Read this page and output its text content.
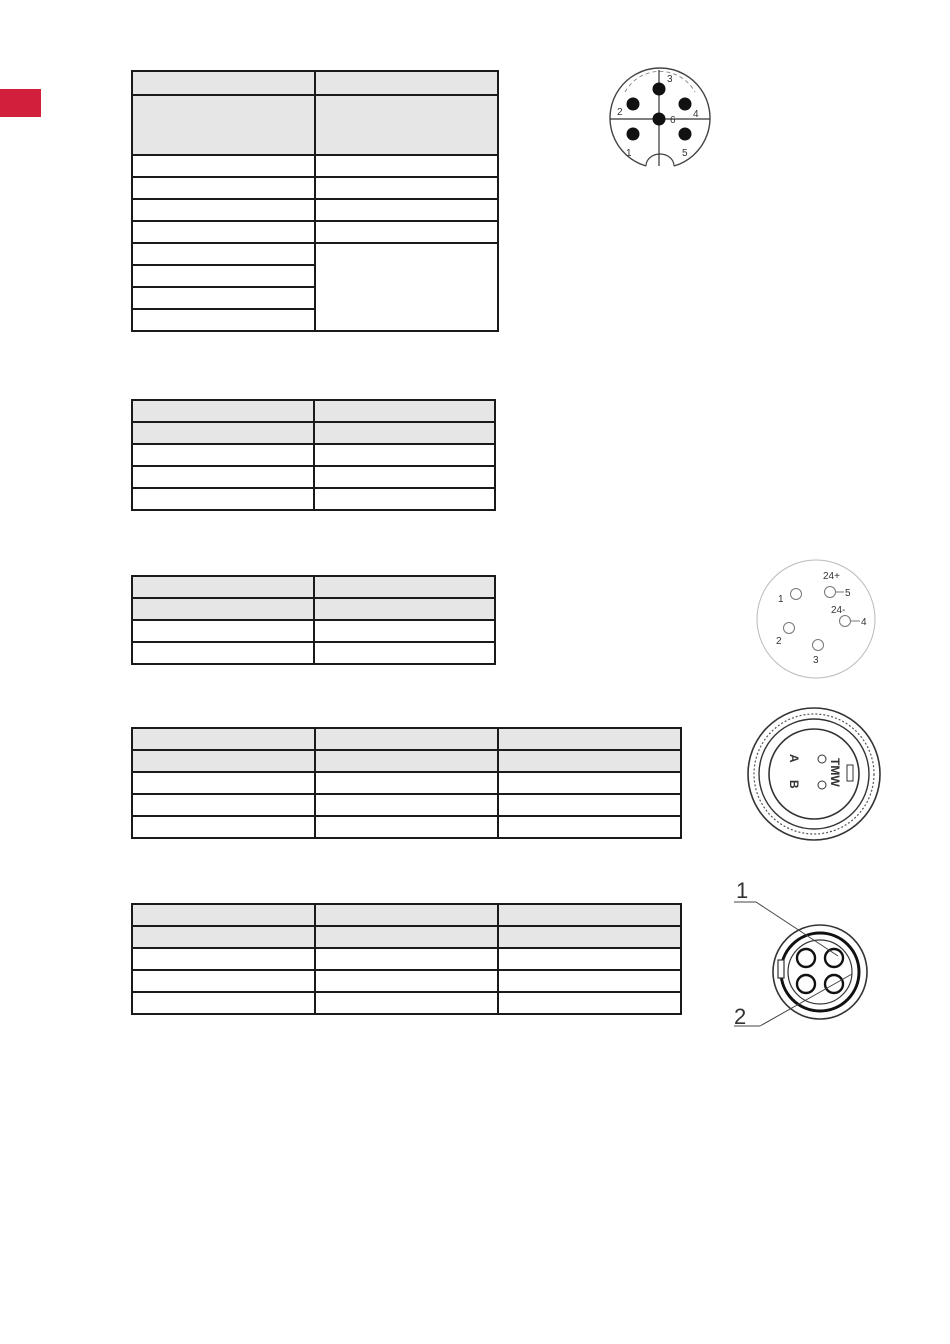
3
2	4
6
1	5
24+
24-
1
2
3
4
5
A
B TMW
1
2
